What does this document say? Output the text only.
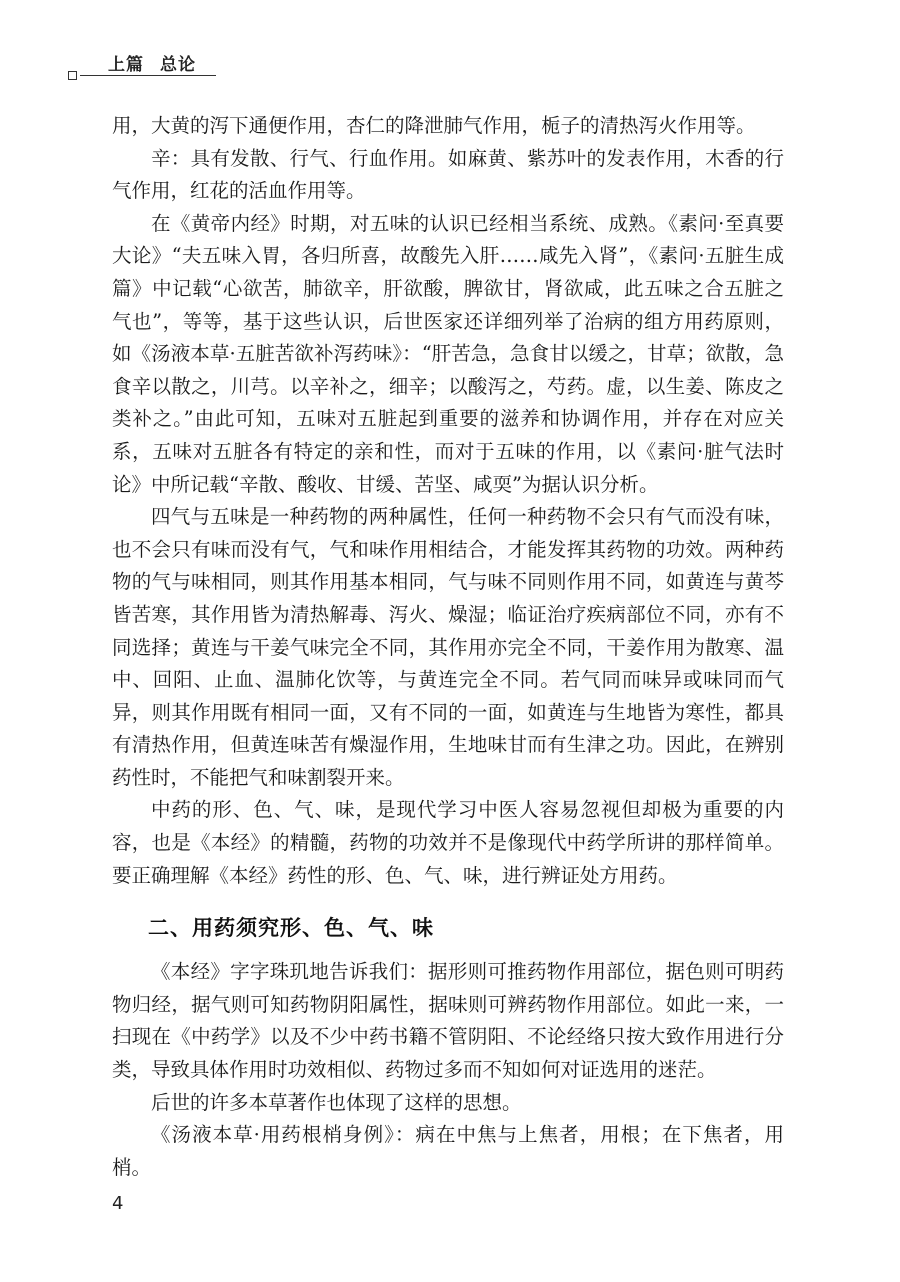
上篇 总论

用，大黄的泻下通便作用，杏仁的降泄肺气作用，栀子的清热泻火作用等。

辛：具有发散、行气、行血作用。如麻黄、紫苏叶的发表作用，木香的行气作用，红花的活血作用等。

在《黄帝内经》时期，对五味的认识已经相当系统、成熟。《素问·至真要大论》“夫五味入胃，各归所喜，故酸先入肝……咸先入肾”，《素问·五脏生成篇》中记载“心欲苦，肺欲辛，肝欲酸，脾欲甘，肾欲咸，此五味之合五脏之气也”，等等，基于这些认识，后世医家还详细列举了治病的组方用药原则，如《汤液本草·五脏苦欲补泻药味》：“肝苦急，急食甘以缓之，甘草；欲散，急食辛以散之，川芎。以辛补之，细辛；以酸泻之，芍药。虚，以生姜、陈皮之类补之。”由此可知，五味对五脏起到重要的滋养和协调作用，并存在对应关系，五味对五脏各有特定的亲和性，而对于五味的作用，以《素问·脏气法时论》中所记载“辛散、酸收、甘缓、苦坚、咸耎”为据认识分析。

四气与五味是一种药物的两种属性，任何一种药物不会只有气而没有味，也不会只有味而没有气，气和味作用相结合，才能发挥其药物的功效。两种药物的气与味相同，则其作用基本相同，气与味不同则作用不同，如黄连与黄芩皆苦寒，其作用皆为清热解毒、泻火、燥湿；临证治疗疾病部位不同，亦有不同选择；黄连与干姜气味完全不同，其作用亦完全不同，干姜作用为散寒、温中、回阳、止血、温肺化饮等，与黄连完全不同。若气同而味异或味同而气异，则其作用既有相同一面，又有不同的一面，如黄连与生地皆为寒性，都具有清热作用，但黄连味苦有燥湿作用，生地味甘而有生津之功。因此，在辨别药性时，不能把气和味割裂开来。

中药的形、色、气、味，是现代学习中医人容易忽视但却极为重要的内容，也是《本经》的精髓，药物的功效并不是像现代中药学所讲的那样简单。要正确理解《本经》药性的形、色、气、味，进行辨证处方用药。

二、用药须究形、色、气、味

《本经》字字珠玑地告诉我们：据形则可推药物作用部位，据色则可明药物归经，据气则可知药物阴阳属性，据味则可辨药物作用部位。如此一来，一扫现在《中药学》以及不少中药书籍不管阴阳、不论经络只按大致作用进行分类，导致具体作用时功效相似、药物过多而不知如何对证选用的迷茫。

后世的许多本草著作也体现了这样的思想。

《汤液本草·用药根梢身例》：病在中焦与上焦者，用根；在下焦者，用梢。

4
